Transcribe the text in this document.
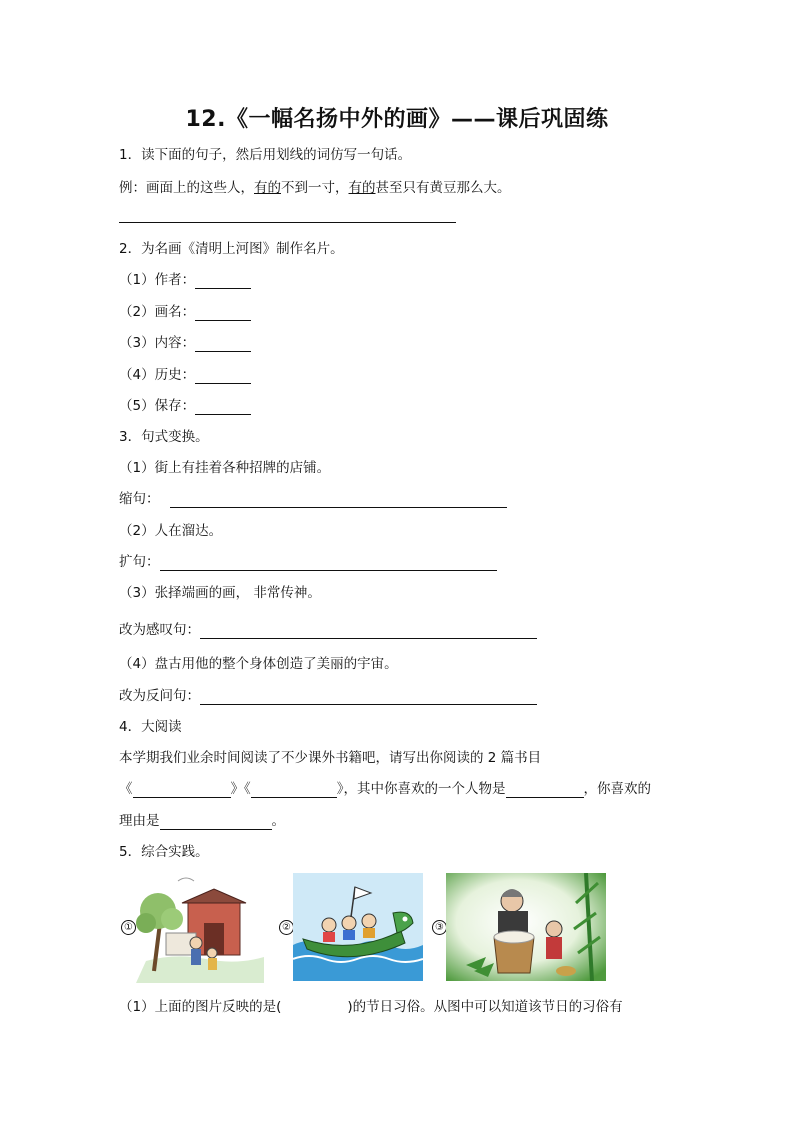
12.《一幅名扬中外的画》——课后巩固练
1．读下面的句子，然后用划线的词仿写一句话。
例：画面上的这些人，有的不到一寸，有的甚至只有黄豆那么大。
2．为名画《清明上河图》制作名片。
（1）作者：
（2）画名：
（3）内容：
（4）历史：
（5）保存：
3．句式变换。
（1）街上有挂着各种招牌的店铺。
缩句：
（2）人在溜达。
扩句：
（3）张择端画的画， 非常传神。
改为感叹句：
（4）盘古用他的整个身体创造了美丽的宇宙。
改为反问句：
4．大阅读
本学期我们业余时间阅读了不少课外书籍吧，请写出你阅读的 2 篇书目
《	》《	》，其中你喜欢的一个人物是	，你喜欢的
理由是	。
5．综合实践。
①	②	③
（1）上面的图片反映的是(	)的节日习俗。从图中可以知道该节日的习俗有
